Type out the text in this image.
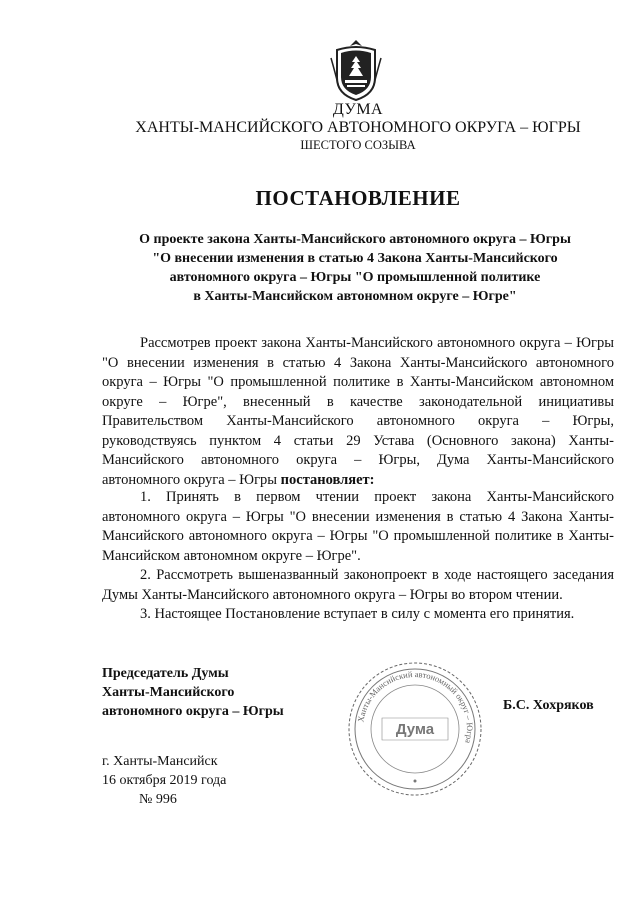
ДУМА
ХАНТЫ-МАНСИЙСКОГО АВТОНОМНОГО ОКРУГА – ЮГРЫ
ШЕСТОГО СОЗЫВА
ПОСТАНОВЛЕНИЕ
О проекте закона Ханты-Мансийского автономного округа – Югры
"О внесении изменения в статью 4 Закона Ханты-Мансийского
автономного округа – Югры "О промышленной политике
в Ханты-Мансийском автономном округе – Югре"
Рассмотрев проект закона Ханты-Мансийского автономного округа – Югры "О внесении изменения в статью 4 Закона Ханты-Мансийского автономного округа – Югры "О промышленной политике в Ханты-Мансийском автономном округе – Югре", внесенный в качестве законодательной инициативы Правительством Ханты-Мансийского автономного округа – Югры, руководствуясь пунктом 4 статьи 29 Устава (Основного закона) Ханты-Мансийского автономного округа – Югры, Дума Ханты-Мансийского автономного округа – Югры постановляет:

1. Принять в первом чтении проект закона Ханты-Мансийского автономного округа – Югры "О внесении изменения в статью 4 Закона Ханты-Мансийского автономного округа – Югры "О промышленной политике в Ханты-Мансийском автономном округе – Югре".

2. Рассмотреть вышеназванный законопроект в ходе настоящего заседания Думы Ханты-Мансийского автономного округа – Югры во втором чтении.

3. Настоящее Постановление вступает в силу с момента его принятия.

Председатель Думы
Ханты-Мансийского
автономного округа – Югры	Ханты-Мансийский автономный округ – Югра
Дума
Б.С. Хохряков
г. Ханты-Мансийск
16 октября 2019 года
№ 996
